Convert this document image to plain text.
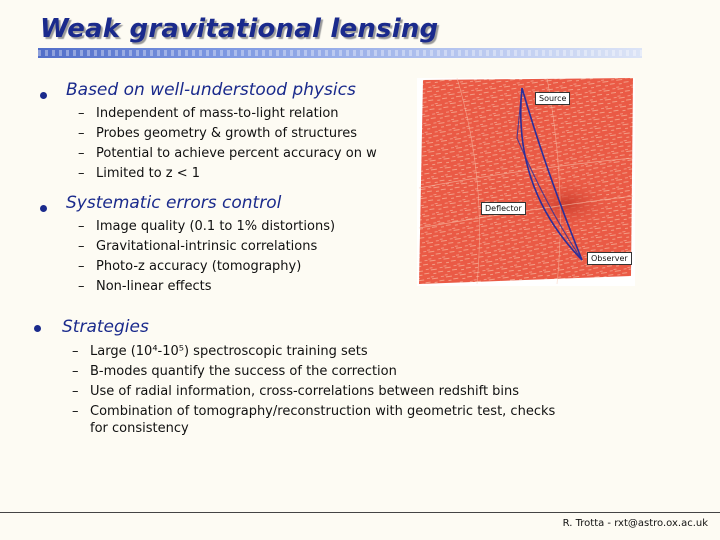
Weak gravitational lensing
Based on well-understood physics
– Independent of mass-to-light relation
– Probes geometry & growth of structures
– Potential to achieve percent accuracy on w
– Limited to z < 1
Systematic errors control
– Image quality (0.1 to 1% distortions)
– Gravitational-intrinsic correlations
– Photo-z accuracy (tomography)
– Non-linear effects
Strategies
– Large (10⁴-10⁵) spectroscopic training sets
– B-modes quantify the success of the correction
– Use of radial information, cross-correlations between redshift bins
– Combination of tomography/reconstruction with geometric test, checks
for consistency
Source
Deflector
Observer
R. Trotta - rxt@astro.ox.ac.uk
